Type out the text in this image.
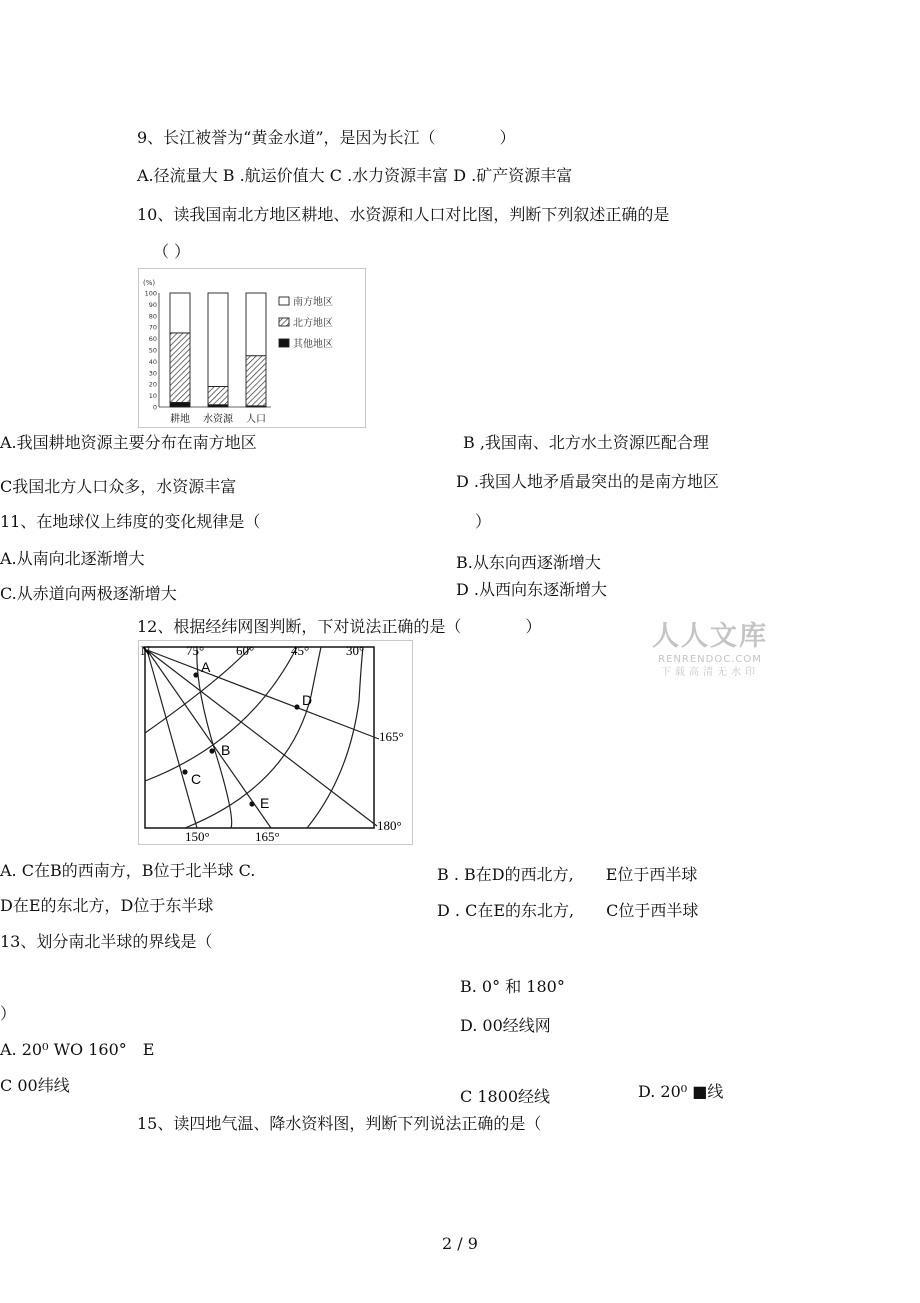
9、长江被誉为“黄金水道”，是因为长江（　　　　）
A.径流量大 B .航运价值大 C .水力资源丰富 D .矿产资源丰富
10、读我国南北方地区耕地、水资源和人口对比图，判断下列叙述正确的是
（ ）
(%)
0
10
20
30
40
50
60
70
80
90
100
耕地 水资源 人口
南方地区
北方地区
其他地区
A.我国耕地资源主要分布在南方地区	B ,我国南、北方水土资源匹配合理
C我国北方人口众多，水资源丰富	D .我国人地矛盾最突出的是南方地区
11、在地球仪上纬度的变化规律是（	）
A.从南向北逐渐增大	B.从东向西逐渐增大
C.从赤道向两极逐渐增大	D .从西向东逐渐增大
12、根据经纬网图判断，下对说法正确的是（　　　　）
N	75° 60°	45°	30°
165°
180°
150°	165°
A
B
C
D
E
人人文库
RENRENDOC.COM
下载高清无水印
A. C在B的西南方，B位于北半球 C.	B . B在D的西北方,　　E位于西半球
D在E的东北方，D位于东半球	D . C在E的东北方,　　C位于西半球
13、划分南北半球的界线是（
B. 0° 和 180°
）
D. 00经线网
A. 20⁰ WO 160°　E
C 00纬线
C 1800经线	D. 20⁰ ■线
15、读四地气温、降水资料图，判断下列说法正确的是（
2 / 9
